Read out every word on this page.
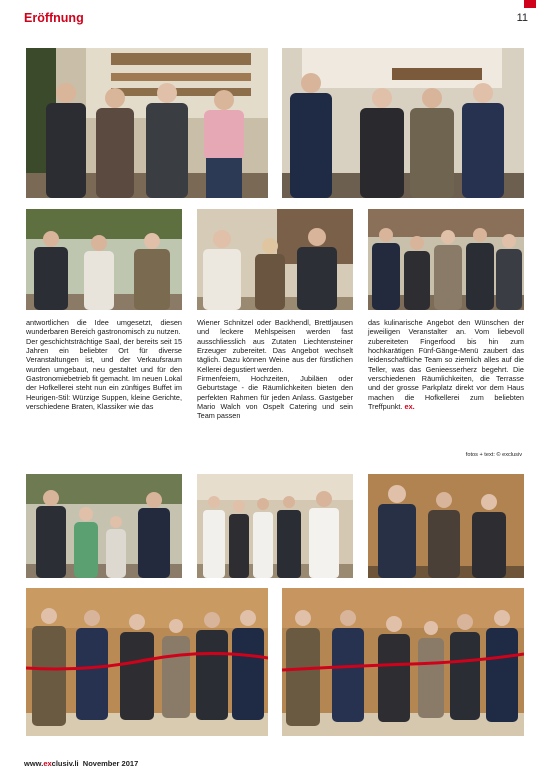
Eröffnung	11

antwortlichen die Idee umgesetzt, diesen wunderbaren Bereich gastronomisch zu nutzen.

Der geschichtsträchtige Saal, der bereits seit 15 Jahren ein beliebter Ort für diverse Veranstaltungen ist, und der Verkaufsraum wurden umgebaut, neu gestaltet und für den Gastronomiebetrieb fit gemacht. Im neuen Lokal der Hofkellerei steht nun ein zünftiges Buffet im Heurigen-Stil: Würzige Suppen, kleine Gerichte, verschiedene Braten, Klassiker wie das

Wiener Schnitzel oder Backhendl, Brettljausen und leckere Mehlspeisen werden fast ausschliesslich aus Zutaten Liechtensteiner Erzeuger zubereitet. Das Angebot wechselt täglich. Dazu können Weine aus der fürstlichen Kellerei degustiert werden.

Firmenfeiern, Hochzeiten, Jubiläen oder Geburtstage - die Räumlichkeiten bieten den perfekten Rahmen für jeden Anlass. Gastgeber Mario Walch von Ospelt Catering und sein Team passen

das kulinarische Angebot den Wünschen der jeweiligen Veranstalter an. Vom liebevoll zubereiteten Fingerfood bis hin zum hochkarätigen Fünf-Gänge-Menü zaubert das leidenschaftliche Team so ziemlich alles auf die Teller, was das Genieesserherz begehrt. Die verschiedenen Räumlichkeiten, die Terrasse und der grosse Parkplatz direkt vor dem Haus machen die Hofkellerei zum beliebten Treffpunkt. ex.

fotos + text: © exclusiv
www.exclusiv.li November 2017
